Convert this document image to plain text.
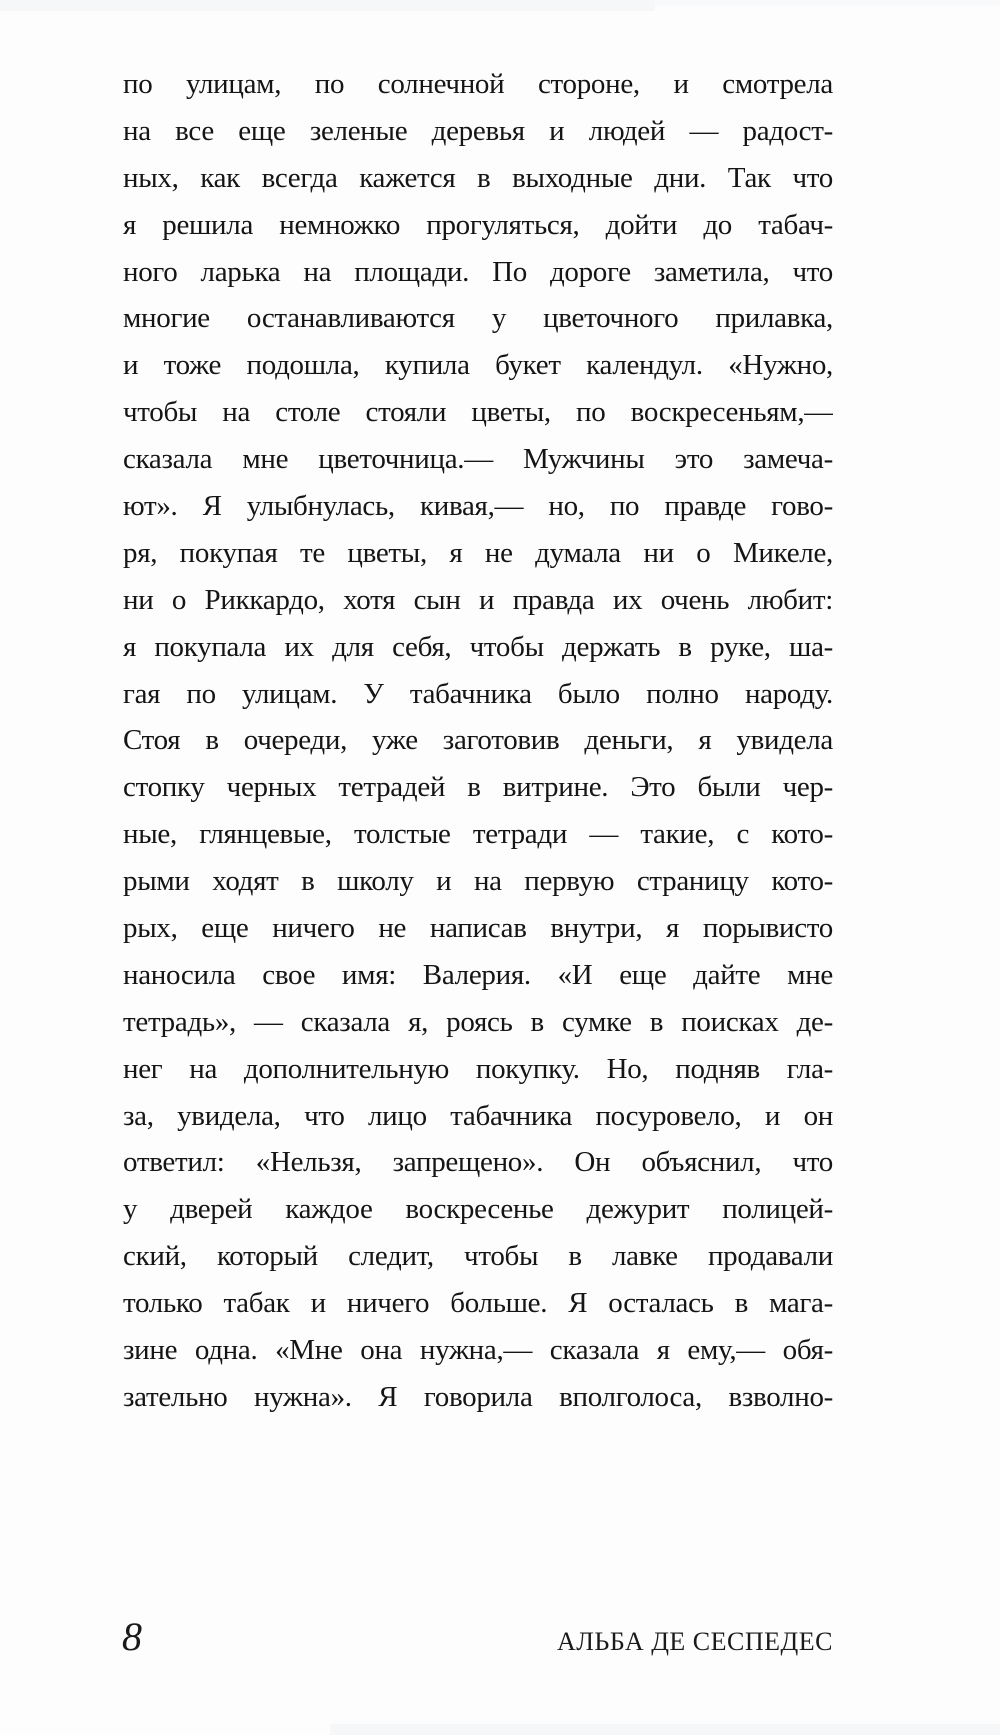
по улицам, по солнечной стороне, и смотрела
на все еще зеленые деревья и людей — радост-
ных, как всегда кажется в выходные дни. Так что
я решила немножко прогуляться, дойти до табач-
ного ларька на площади. По дороге заметила, что
многие останавливаются у цветочного прилавка,
и тоже подошла, купила букет календул. «Нужно,
чтобы на столе стояли цветы, по воскресеньям,—
сказала мне цветочница.— Мужчины это замеча-
ют». Я улыбнулась, кивая,— но, по правде гово-
ря, покупая те цветы, я не думала ни о Микеле,
ни о Риккардо, хотя сын и правда их очень любит:
я покупала их для себя, чтобы держать в руке, ша-
гая по улицам. У табачника было полно народу.
Стоя в очереди, уже заготовив деньги, я увидела
стопку черных тетрадей в витрине. Это были чер-
ные, глянцевые, толстые тетради — такие, с кото-
рыми ходят в школу и на первую страницу кото-
рых, еще ничего не написав внутри, я порывисто
наносила свое имя: Валерия. «И еще дайте мне
тетрадь», — сказала я, роясь в сумке в поисках де-
нег на дополнительную покупку. Но, подняв гла-
за, увидела, что лицо табачника посуровело, и он
ответил: «Нельзя, запрещено». Он объяснил, что
у дверей каждое воскресенье дежурит полицей-
ский, который следит, чтобы в лавке продавали
только табак и ничего больше. Я осталась в мага-
зине одна. «Мне она нужна,— сказала я ему,— обя-
зательно нужна». Я говорила вполголоса, взволно-
8	АЛЬБА ДЕ СЕСПЕДЕС
